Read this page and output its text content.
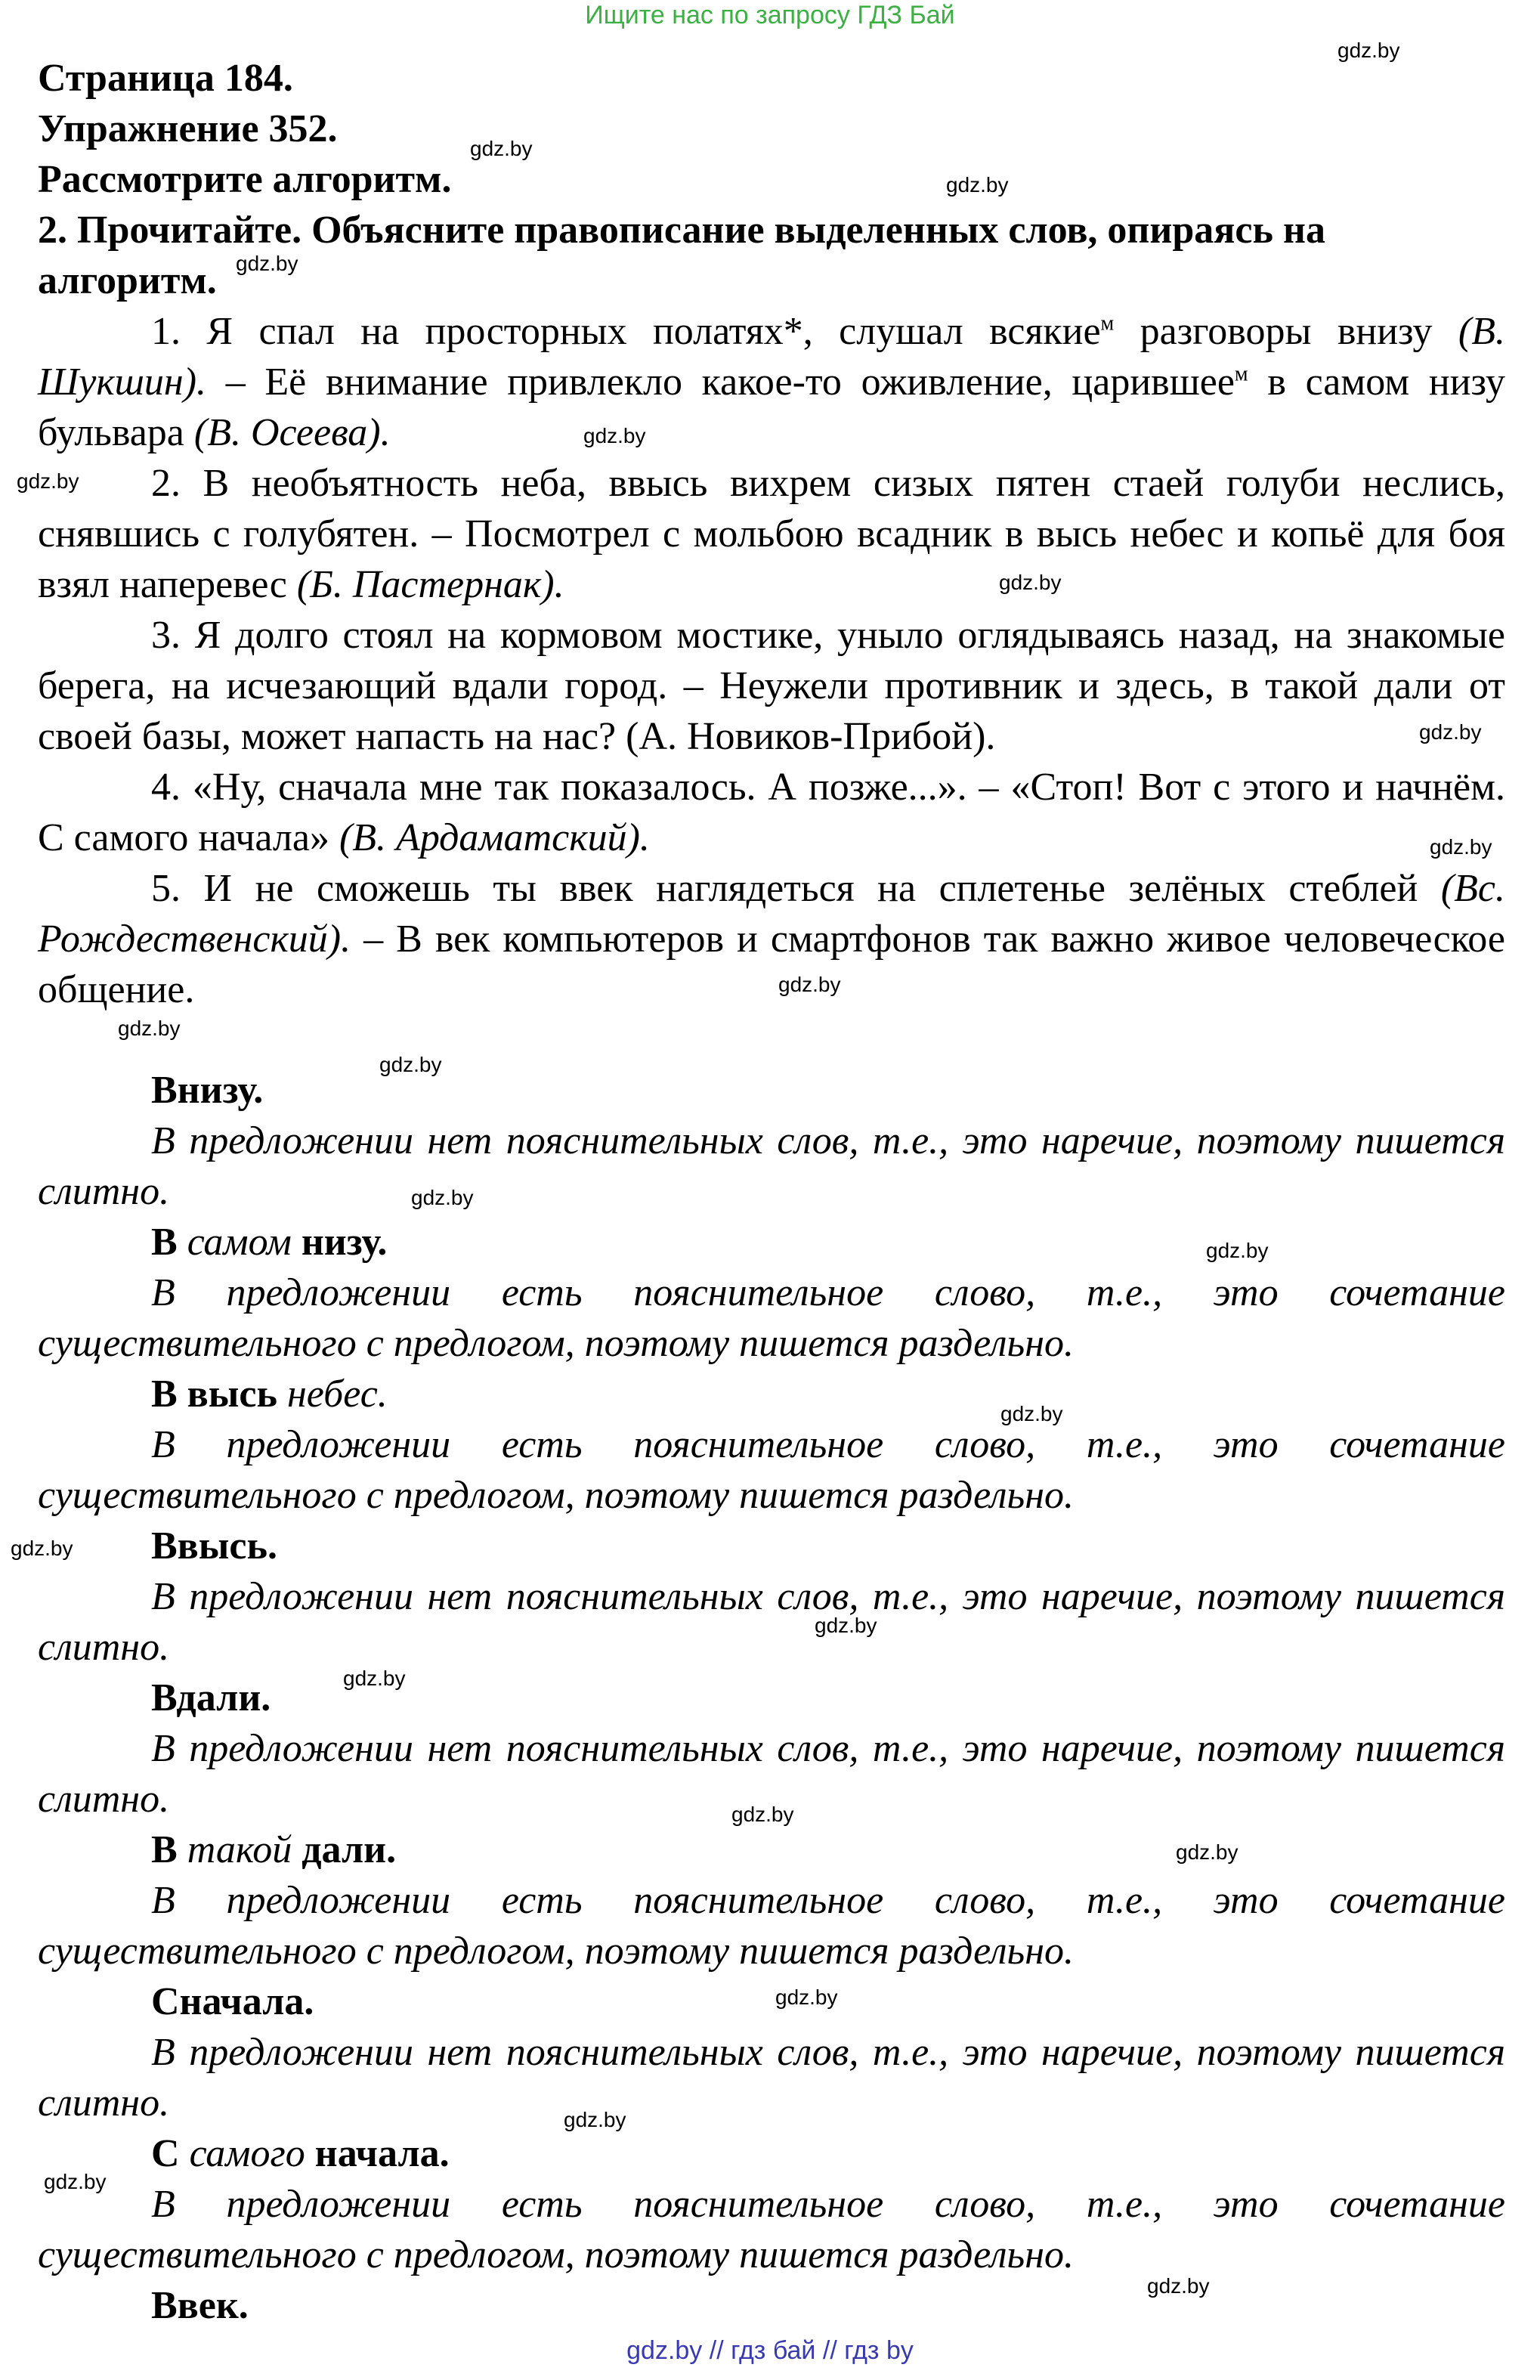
Ищите нас по запросу ГДЗ Бай
gdz.by
gdz.by
gdz.by
gdz.by
gdz.by
gdz.by
gdz.by
gdz.by
gdz.by
gdz.by
gdz.by
gdz.by
gdz.by
gdz.by
gdz.by
gdz.by
gdz.by
gdz.by
gdz.by
gdz.by
gdz.by
gdz.by
gdz.by
gdz.by

Страница 184.

Упражнение 352.

Рассмотрите алгоритм.

2. Прочитайте. Объясните правописание выделенных слов, опираясь на алгоритм.

1. Я спал на просторных полатях*, слушал всякие$^м$ разговоры внизу (В. Шукшин). – Её внимание привлекло какое-то оживление, царившее$^м$ в самом низу бульвара (В. Осеева).

2. В необъятность неба, ввысь вихрем сизых пятен стаей голуби неслись, снявшись с голубятен. – Посмотрел с мольбою всадник в высь небес и копьё для боя взял наперевес (Б. Пастернак).

3. Я долго стоял на кормовом мостике, уныло оглядываясь назад, на знакомые берега, на исчезающий вдали город. – Неужели противник и здесь, в такой дали от своей базы, может напасть на нас? (А. Новиков-Прибой).

4. «Ну, сначала мне так показалось. А позже...». – «Стоп! Вот с этого и начнём. С самого начала» (В. Ардаматский).

5. И не сможешь ты ввек наглядеться на сплетенье зелёных стеблей (Вс. Рождественский). – В век компьютеров и смартфонов так важно живое человеческое общение.

Внизу.

В предложении нет пояснительных слов, т.е., это наречие, поэтому пишется слитно.

В самом низу.

В предложении есть пояснительное слово, т.е., это сочетание существительного с предлогом, поэтому пишется раздельно.

В высь небес.

В предложении есть пояснительное слово, т.е., это сочетание существительного с предлогом, поэтому пишется раздельно.

Ввысь.

В предложении нет пояснительных слов, т.е., это наречие, поэтому пишется слитно.

Вдали.

В предложении нет пояснительных слов, т.е., это наречие, поэтому пишется слитно.

В такой дали.

В предложении есть пояснительное слово, т.е., это сочетание существительного с предлогом, поэтому пишется раздельно.

Сначала.

В предложении нет пояснительных слов, т.е., это наречие, поэтому пишется слитно.

С самого начала.

В предложении есть пояснительное слово, т.е., это сочетание существительного с предлогом, поэтому пишется раздельно.

Ввек.

gdz.by // гдз бай // гдз by
